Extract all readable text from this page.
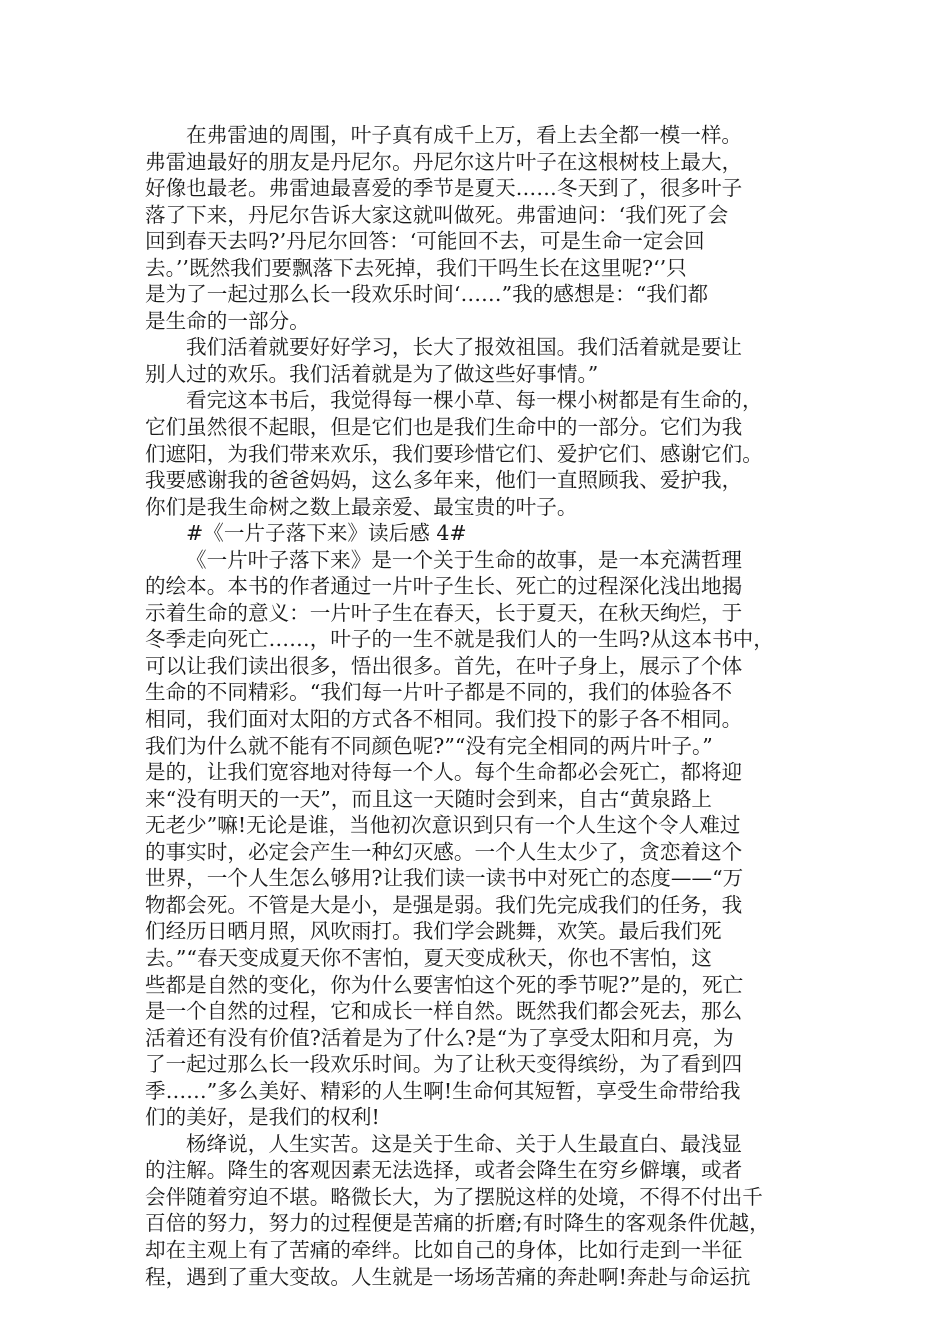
在弗雷迪的周围，叶子真有成千上万，看上去全都一模一样。
弗雷迪最好的朋友是丹尼尔。丹尼尔这片叶子在这根树枝上最大，
好像也最老。弗雷迪最喜爱的季节是夏天……冬天到了，很多叶子
落了下来，丹尼尔告诉大家这就叫做死。弗雷迪问：‘我们死了会
回到春天去吗?’丹尼尔回答：‘可能回不去，可是生命一定会回
去。’’既然我们要飘落下去死掉，我们干吗生长在这里呢?‘’只
是为了一起过那么长一段欢乐时间‘……”我的感想是：“我们都
是生命的一部分。
我们活着就要好好学习，长大了报效祖国。我们活着就是要让
别人过的欢乐。我们活着就是为了做这些好事情。”
看完这本书后，我觉得每一棵小草、每一棵小树都是有生命的，
它们虽然很不起眼，但是它们也是我们生命中的一部分。它们为我
们遮阳，为我们带来欢乐，我们要珍惜它们、爱护它们、感谢它们。
我要感谢我的爸爸妈妈，这么多年来，他们一直照顾我、爱护我，
你们是我生命树之数上最亲爱、最宝贵的叶子。
#《一片子落下来》读后感 4#
《一片叶子落下来》是一个关于生命的故事，是一本充满哲理
的绘本。本书的作者通过一片叶子生长、死亡的过程深化浅出地揭
示着生命的意义：一片叶子生在春天，长于夏天，在秋天绚烂，于
冬季走向死亡……，叶子的一生不就是我们人的一生吗?从这本书中，
可以让我们读出很多，悟出很多。首先，在叶子身上，展示了个体
生命的不同精彩。“我们每一片叶子都是不同的，我们的体验各不
相同，我们面对太阳的方式各不相同。我们投下的影子各不相同。
我们为什么就不能有不同颜色呢?”“没有完全相同的两片叶子。”
是的，让我们宽容地对待每一个人。每个生命都必会死亡，都将迎
来“没有明天的一天”，而且这一天随时会到来，自古“黄泉路上
无老少”嘛!无论是谁，当他初次意识到只有一个人生这个令人难过
的事实时，必定会产生一种幻灭感。一个人生太少了，贪恋着这个
世界，一个人生怎么够用?让我们读一读书中对死亡的态度——“万
物都会死。不管是大是小，是强是弱。我们先完成我们的任务，我
们经历日晒月照，风吹雨打。我们学会跳舞，欢笑。最后我们死
去。”“春天变成夏天你不害怕，夏天变成秋天，你也不害怕，这
些都是自然的变化，你为什么要害怕这个死的季节呢?”是的，死亡
是一个自然的过程，它和成长一样自然。既然我们都会死去，那么
活着还有没有价值?活着是为了什么?是“为了享受太阳和月亮，为
了一起过那么长一段欢乐时间。为了让秋天变得缤纷，为了看到四
季……”多么美好、精彩的人生啊!生命何其短暂，享受生命带给我
们的美好，是我们的权利!
杨绛说，人生实苦。这是关于生命、关于人生最直白、最浅显
的注解。降生的客观因素无法选择，或者会降生在穷乡僻壤，或者
会伴随着穷迫不堪。略微长大，为了摆脱这样的处境，不得不付出千
百倍的努力，努力的过程便是苦痛的折磨;有时降生的客观条件优越，
却在主观上有了苦痛的牵绊。比如自己的身体，比如行走到一半征
程，遇到了重大变故。人生就是一场场苦痛的奔赴啊!奔赴与命运抗
